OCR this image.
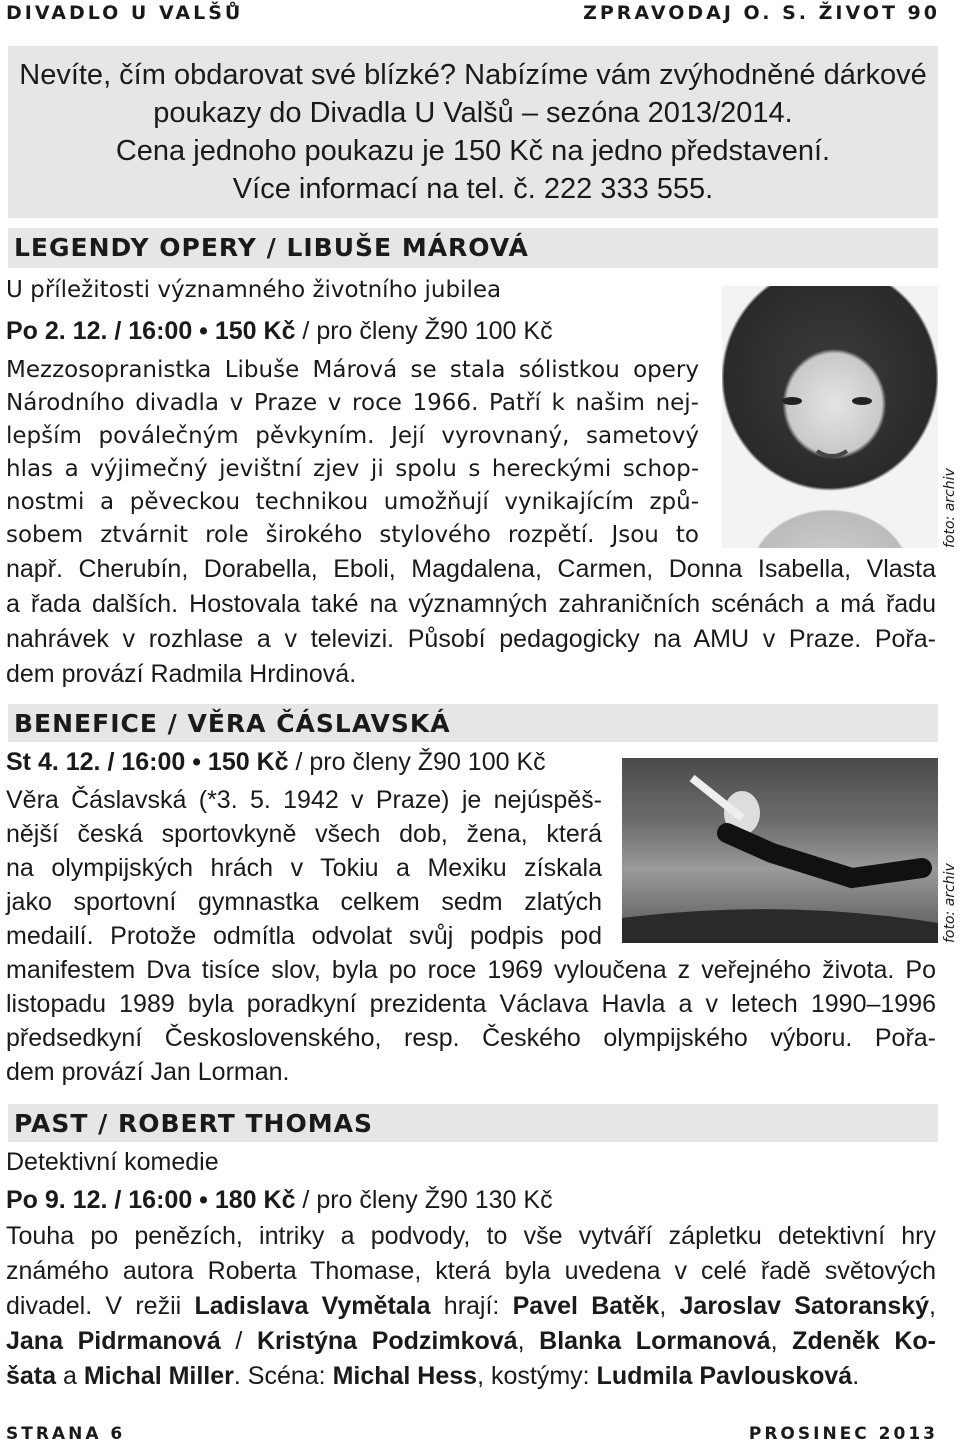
DIVADLO U VALŠŮ	ZPRAVODAJ O. S. ŽIVOT 90
Nevíte, čím obdarovat své blízké? Nabízíme vám zvýhodněné dárkové
poukazy do Divadla U Valšů – sezóna 2013/2014.
Cena jednoho poukazu je 150 Kč na jedno představení.
Více informací na tel. č. 222 333 555.
LEGENDY OPERY / LIBUŠE MÁROVÁ
U příležitosti významného životního jubilea
Po 2. 12. / 16:00 • 150 Kč / pro členy Ž90 100 Kč
foto: archiv
Mezzosopranistka Libuše Márová se stala sólistkou opery
Národního divadla v Praze v roce 1966. Patří k našim nej-
lepším poválečným pěvkyním. Její vyrovnaný, sametový
hlas a výjimečný jevištní zjev ji spolu s hereckými schop-
nostmi a pěveckou technikou umožňují vynikajícím způ-
sobem ztvárnit role širokého stylového rozpětí. Jsou to
např. Cherubín, Dorabella, Eboli, Magdalena, Carmen, Donna Isabella, Vlasta
a řada dalších. Hostovala také na významných zahraničních scénách a má řadu
nahrávek v rozhlase a v televizi. Působí pedagogicky na AMU v Praze. Pořa-
dem provází Radmila Hrdinová.
BENEFICE / VĚRA ČÁSLAVSKÁ
St 4. 12. / 16:00 • 150 Kč / pro členy Ž90 100 Kč
foto: archiv
Věra Čáslavská (*3. 5. 1942 v Praze) je nejúspěš-
nější česká sportovkyně všech dob, žena, která
na olympijských hrách v Tokiu a Mexiku získala
jako sportovní gymnastka celkem sedm zlatých
medailí. Protože odmítla odvolat svůj podpis pod
manifestem Dva tisíce slov, byla po roce 1969 vyloučena z veřejného života. Po
listopadu 1989 byla poradkyní prezidenta Václava Havla a v letech 1990–1996
předsedkyní Československého, resp. Českého olympijského výboru. Pořa-
dem provází Jan Lorman.
PAST / ROBERT THOMAS
Detektivní komedie
Po 9. 12. / 16:00 • 180 Kč / pro členy Ž90 130 Kč
Touha po penězích, intriky a podvody, to vše vytváří zápletku detektivní hry
známého autora Roberta Thomase, která byla uvedena v celé řadě světových
divadel. V režii Ladislava Vymětala hrají: Pavel Batěk, Jaroslav Satoranský,
Jana Pidrmanová / Kristýna Podzimková, Blanka Lormanová, Zdeněk Ko-
šata a Michal Miller. Scéna: Michal Hess, kostýmy: Ludmila Pavlousková.
STRANA 6	PROSINEC 2013
